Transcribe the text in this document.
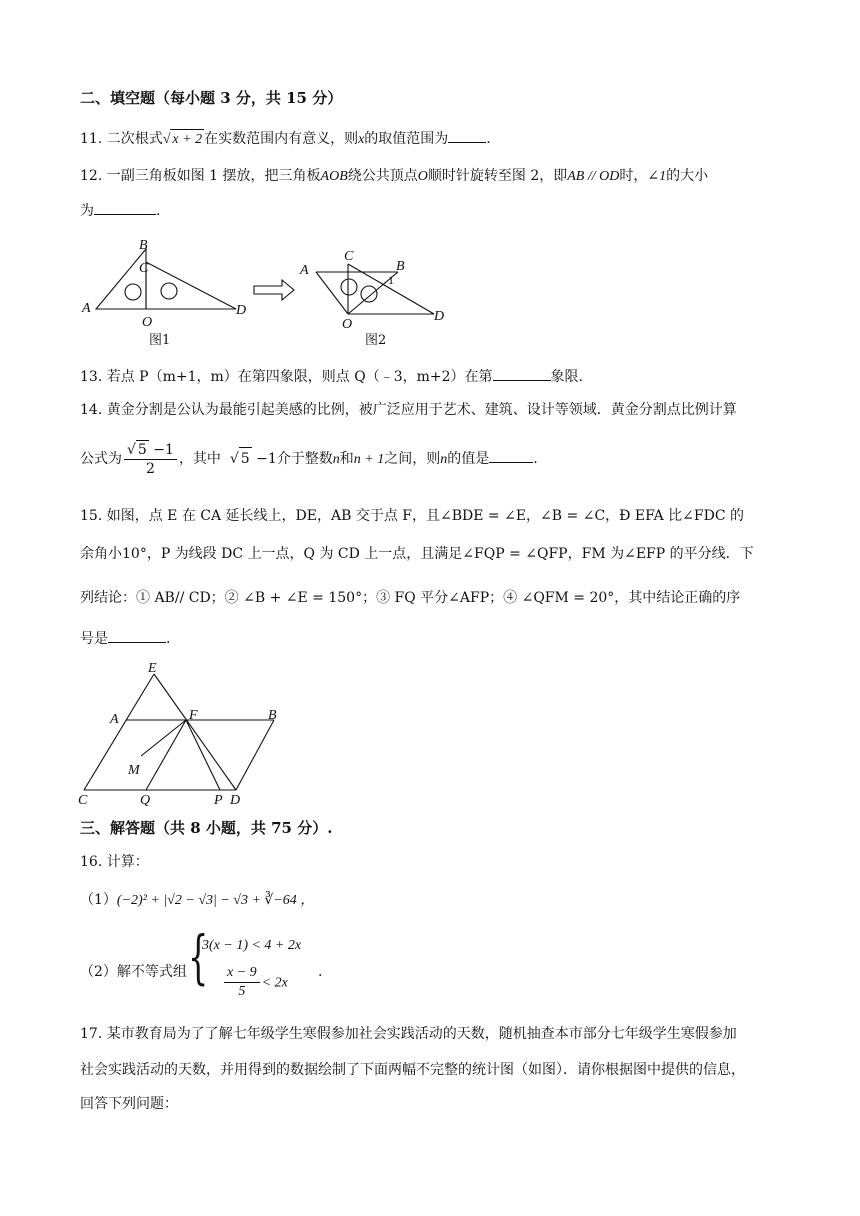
二、填空题（每小题 3 分，共 15 分）
11. 二次根式√ x + 2 在实数范围内有意义，则x的取值范围为	.
12. 一副三角板如图 1 摆放，把三角板AOB绕公共顶点O顺时针旋转至图 2，即AB // OD时，∠1的大小
为	.
B
C
A
O
D
图1
C
B
A
1
O
D
图2
13. 若点 P（m+1，m）在第四象限，则点 Q（﹣3，m+2）在第	象限.
14. 黄金分割是公认为最能引起美感的比例，被广泛应用于艺术、建筑、设计等领域．黄金分割点比例计算
公式为 $\frac{√ 5 -1}{2}$ ，其中 √ 5 −1介于整数n和n + 1之间，则n的值是	.
15. 如图，点 E 在 CA 延长线上，DE，AB 交于点 F，且∠BDE = ∠E，∠B = ∠C，Ð EFA 比∠FDC 的
余角小10°，P 为线段 DC 上一点，Q 为 CD 上一点，且满足∠FQP = ∠QFP，FM 为∠EFP 的平分线．下
列结论：① AB// CD；② ∠B + ∠E = 150°；③ FQ 平分∠AFP；④ ∠QFM = 20°，其中结论正确的序
号是	.
E
A	F	B
M
C	Q	P D
三、解答题（共 8 小题，共 75 分）.
16. 计算：
（1）(−2)² + |√2 − √3| − √3 + ∛−64 ，
（2）解不等式组 {
3(x − 1) < 4 + 2x
$\frac{x - 9}{5} < 2x$
.
17. 某市教育局为了了解七年级学生寒假参加社会实践活动的天数，随机抽查本市部分七年级学生寒假参加
社会实践活动的天数，并用得到的数据绘制了下面两幅不完整的统计图（如图）．请你根据图中提供的信息，
回答下列问题：
